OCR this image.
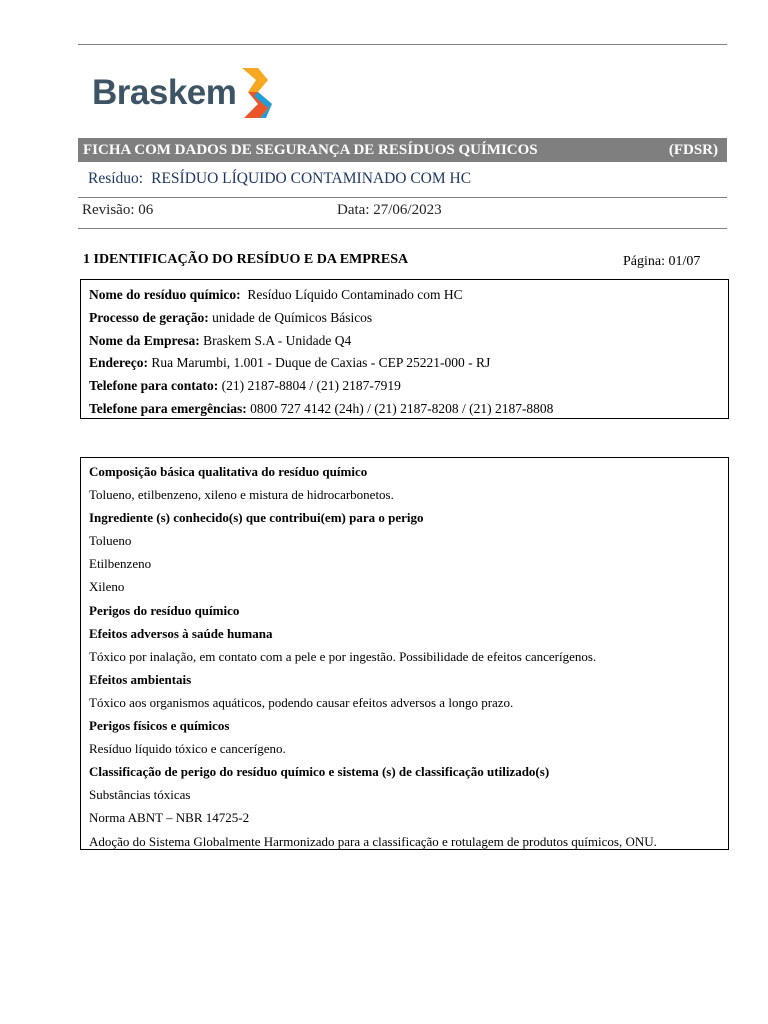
Braskem
FICHA COM DADOS DE SEGURANÇA DE RESÍDUOS QUÍMICOS	(FDSR)
Resíduo: RESÍDUO LÍQUIDO CONTAMINADO COM HC
Revisão: 06	Data: 27/06/2023
1 IDENTIFICAÇÃO DO RESÍDUO E DA EMPRESA	Página: 01/07
Nome do resíduo químico: Resíduo Líquido Contaminado com HC
Processo de geração: unidade de Químicos Básicos
Nome da Empresa: Braskem S.A - Unidade Q4
Endereço: Rua Marumbi, 1.001 - Duque de Caxias - CEP 25221-000 - RJ
Telefone para contato: (21) 2187-8804 / (21) 2187-7919
Telefone para emergências: 0800 727 4142 (24h) / (21) 2187-8208 / (21) 2187-8808
Composição básica qualitativa do resíduo químico
Tolueno, etilbenzeno, xileno e mistura de hidrocarbonetos.
Ingrediente (s) conhecido(s) que contribui(em) para o perigo
Tolueno
Etilbenzeno
Xileno
Perigos do resíduo químico
Efeitos adversos à saúde humana
Tóxico por inalação, em contato com a pele e por ingestão. Possibilidade de efeitos cancerígenos.
Efeitos ambientais
Tóxico aos organismos aquáticos, podendo causar efeitos adversos a longo prazo.
Perigos físicos e químicos
Resíduo líquido tóxico e cancerígeno.
Classificação de perigo do resíduo químico e sistema (s) de classificação utilizado(s)
Substâncias tóxicas
Norma ABNT – NBR 14725-2
Adoção do Sistema Globalmente Harmonizado para a classificação e rotulagem de produtos químicos, ONU.
